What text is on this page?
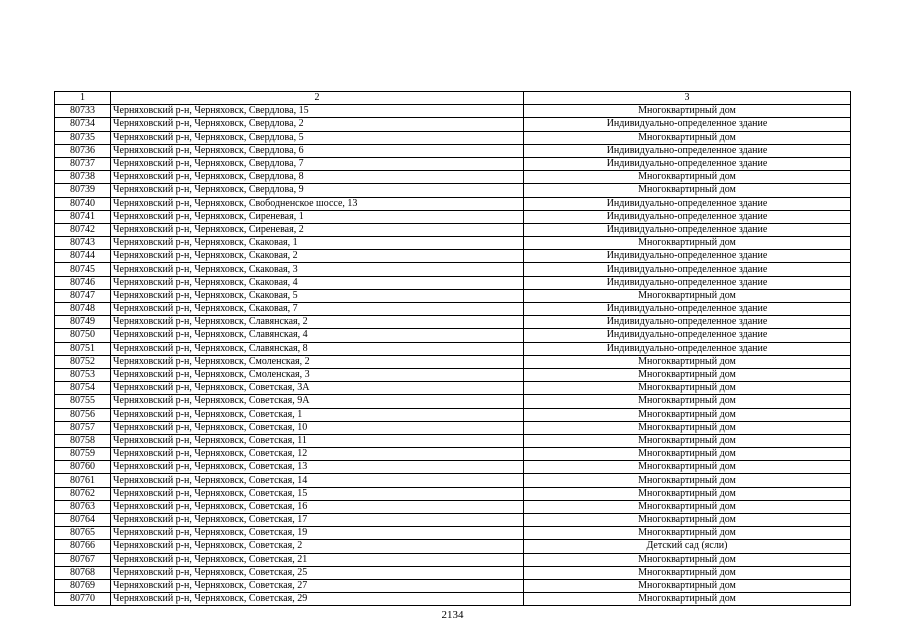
1	2	3
80733	Черняховский р-н, Черняховск, Свердлова, 15	Многоквартирный дом
80734	Черняховский р-н, Черняховск, Свердлова, 2	Индивидуально-определенное здание
80735	Черняховский р-н, Черняховск, Свердлова, 5	Многоквартирный дом
80736	Черняховский р-н, Черняховск, Свердлова, 6	Индивидуально-определенное здание
80737	Черняховский р-н, Черняховск, Свердлова, 7	Индивидуально-определенное здание
80738	Черняховский р-н, Черняховск, Свердлова, 8	Многоквартирный дом
80739	Черняховский р-н, Черняховск, Свердлова, 9	Многоквартирный дом
80740	Черняховский р-н, Черняховск, Свободненское шоссе, 13	Индивидуально-определенное здание
80741	Черняховский р-н, Черняховск, Сиреневая, 1	Индивидуально-определенное здание
80742	Черняховский р-н, Черняховск, Сиреневая, 2	Индивидуально-определенное здание
80743	Черняховский р-н, Черняховск, Скаковая, 1	Многоквартирный дом
80744	Черняховский р-н, Черняховск, Скаковая, 2	Индивидуально-определенное здание
80745	Черняховский р-н, Черняховск, Скаковая, 3	Индивидуально-определенное здание
80746	Черняховский р-н, Черняховск, Скаковая, 4	Индивидуально-определенное здание
80747	Черняховский р-н, Черняховск, Скаковая, 5	Многоквартирный дом
80748	Черняховский р-н, Черняховск, Скаковая, 7	Индивидуально-определенное здание
80749	Черняховский р-н, Черняховск, Славянская, 2	Индивидуально-определенное здание
80750	Черняховский р-н, Черняховск, Славянская, 4	Индивидуально-определенное здание
80751	Черняховский р-н, Черняховск, Славянская, 8	Индивидуально-определенное здание
80752	Черняховский р-н, Черняховск, Смоленская, 2	Многоквартирный дом
80753	Черняховский р-н, Черняховск, Смоленская, 3	Многоквартирный дом
80754	Черняховский р-н, Черняховск, Советская, 3А	Многоквартирный дом
80755	Черняховский р-н, Черняховск, Советская, 9А	Многоквартирный дом
80756	Черняховский р-н, Черняховск, Советская, 1	Многоквартирный дом
80757	Черняховский р-н, Черняховск, Советская, 10	Многоквартирный дом
80758	Черняховский р-н, Черняховск, Советская, 11	Многоквартирный дом
80759	Черняховский р-н, Черняховск, Советская, 12	Многоквартирный дом
80760	Черняховский р-н, Черняховск, Советская, 13	Многоквартирный дом
80761	Черняховский р-н, Черняховск, Советская, 14	Многоквартирный дом
80762	Черняховский р-н, Черняховск, Советская, 15	Многоквартирный дом
80763	Черняховский р-н, Черняховск, Советская, 16	Многоквартирный дом
80764	Черняховский р-н, Черняховск, Советская, 17	Многоквартирный дом
80765	Черняховский р-н, Черняховск, Советская, 19	Многоквартирный дом
80766	Черняховский р-н, Черняховск, Советская, 2	Детский сад (ясли)
80767	Черняховский р-н, Черняховск, Советская, 21	Многоквартирный дом
80768	Черняховский р-н, Черняховск, Советская, 25	Многоквартирный дом
80769	Черняховский р-н, Черняховск, Советская, 27	Многоквартирный дом
80770	Черняховский р-н, Черняховск, Советская, 29	Многоквартирный дом
2134
